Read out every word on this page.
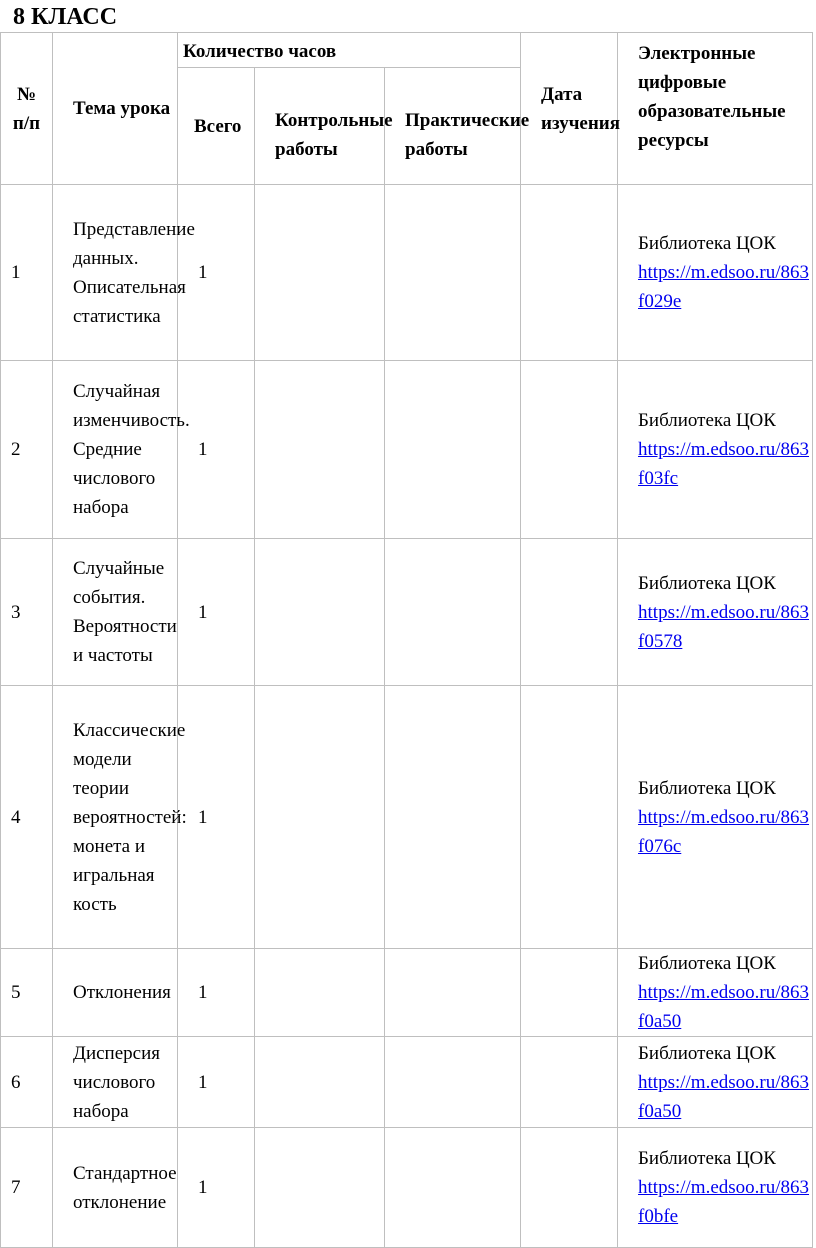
8 КЛАСС
№ п/п	Тема урока	Количество часов			Дата изучения	Электронные цифровые образовательные ресурсы
		Всего	Контрольные работы	Практические работы		
1	Представление данных. Описательная статистика	1				Библиотека ЦОК
https://m.edsoo.ru/863f029e

2	Случайная изменчивость. Средние числового набора	1				Библиотека ЦОК
https://m.edsoo.ru/863f03fc

3	Случайные события. Вероятности и частоты	1				Библиотека ЦОК
https://m.edsoo.ru/863f0578

4	Классические модели теории вероятностей: монета и игральная кость	1				Библиотека ЦОК
https://m.edsoo.ru/863f076c

5	Отклонения	1				Библиотека ЦОК
https://m.edsoo.ru/863f0a50

6	Дисперсия числового набора	1				Библиотека ЦОК
https://m.edsoo.ru/863f0a50

7	Стандартное отклонение	1				Библиотека ЦОК
https://m.edsoo.ru/863f0bfe
